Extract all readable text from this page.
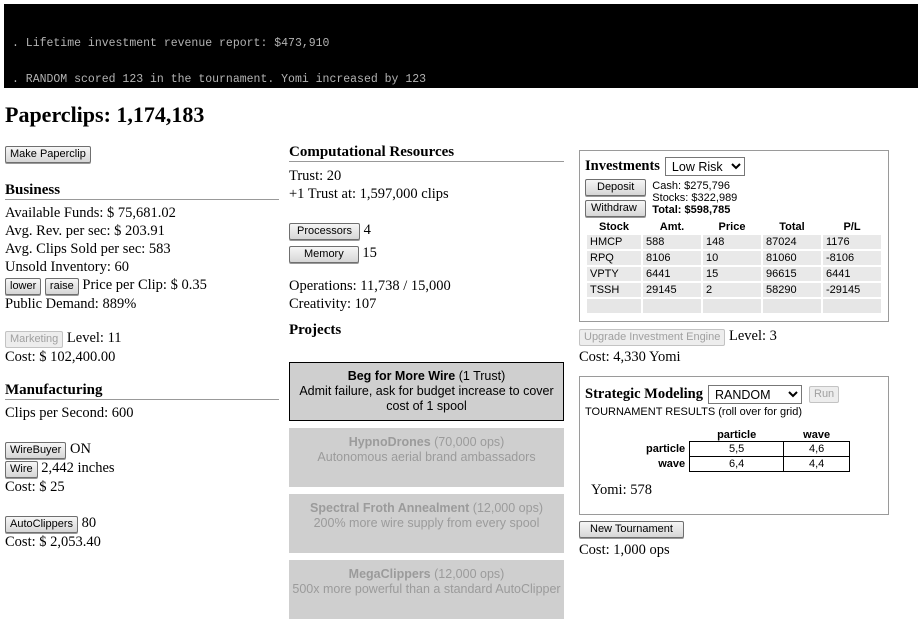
. Lifetime investment revenue report: $473,910

. RANDOM scored 123 in the tournament. Yomi increased by 123

Paperclips: 1,174,183
Make Paperclip
Business
Available Funds: $ 75,681.02
Avg. Rev. per sec: $ 203.91
Avg. Clips Sold per sec: 583
Unsold Inventory: 60
lower raise Price per Clip: $ 0.35
Public Demand: 889%
Marketing Level: 11
Cost: $ 102,400.00
Manufacturing
Clips per Second: 600
WireBuyer ON
Wire 2,442 inches
Cost: $ 25
AutoClippers 80
Cost: $ 2,053.40
Computational Resources
Trust: 20
+1 Trust at: 1,597,000 clips
Processors 4
Memory 15
Operations: 11,738 / 15,000
Creativity: 107
Projects
Beg for More Wire (1 Trust)
Admit failure, ask for budget increase to cover cost of 1 spool
HypnoDrones (70,000 ops)
Autonomous aerial brand ambassadors
Spectral Froth Annealment (12,000 ops)
200% more wire supply from every spool
MegaClippers (12,000 ops)
500x more powerful than a standard AutoClipper
Investments
Low Risk
Deposit
Withdraw
Cash: $275,796
Stocks: $322,989
Total: $598,785
Stock	Amt.	Price	Total	P/L
HMCP	588	148	87024	1176
RPQ	8106	10	81060	-8106
VPTY	6441	15	96615	6441
TSSH	29145	2	58290	-29145

Upgrade Investment Engine Level: 3
Cost: 4,330 Yomi
Strategic Modeling
RANDOM	Run
TOURNAMENT RESULTS (roll over for grid)
	particle	wave
particle	5,5	4,6
wave	6,4	4,4
Yomi: 578
New Tournament
Cost: 1,000 ops
